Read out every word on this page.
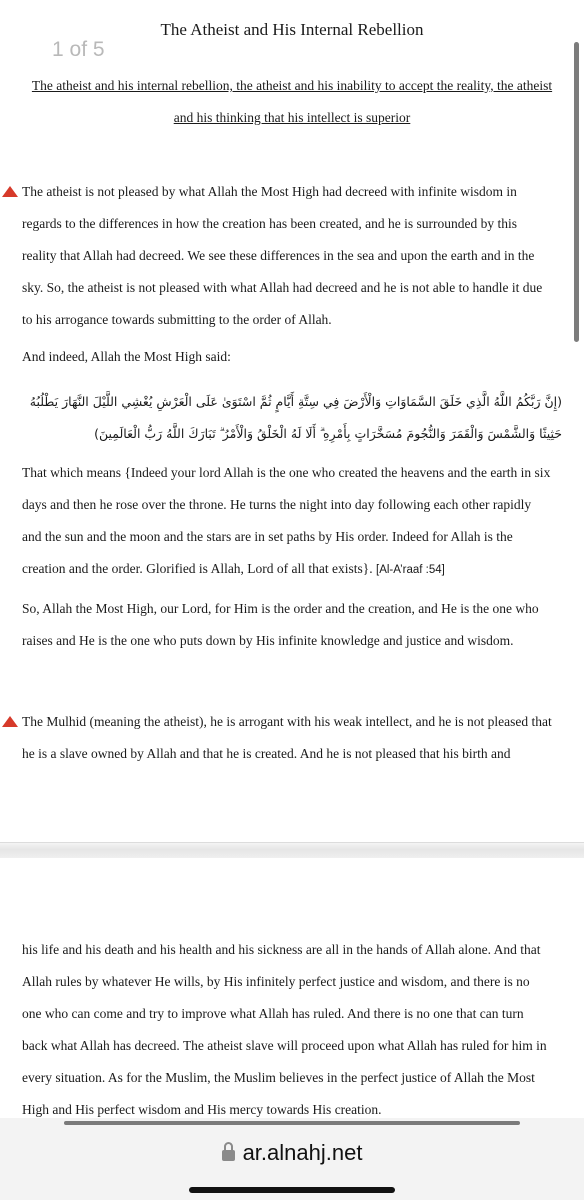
The Atheist and His Internal Rebellion
The atheist and his internal rebellion, the atheist and his inability to accept the reality, the atheist and his thinking that his intellect is superior

The atheist is not pleased by what Allah the Most High had decreed with infinite wisdom in regards to the differences in how the creation has been created, and he is surrounded by this reality that Allah had decreed. We see these differences in the sea and upon the earth and in the sky. So, the atheist is not pleased with what Allah had decreed and he is not able to handle it due to his arrogance towards submitting to the order of Allah.

And indeed, Allah the Most High said:

(إِنَّ رَبَّكُمُ اللَّهُ الَّذِي خَلَقَ السَّمَاوَاتِ وَالْأَرْضَ فِي سِتَّةِ أَيَّامٍ ثُمَّ اسْتَوَىٰ عَلَى الْعَرْشِ يُغْشِي اللَّيْلَ النَّهَارَ يَطْلُبُهُ حَثِيثًا وَالشَّمْسَ وَالْقَمَرَ وَالنُّجُومَ مُسَخَّرَاتٍ بِأَمْرِهِ ۗ أَلَا لَهُ الْخَلْقُ وَالْأَمْرُ ۗ تَبَارَكَ اللَّهُ رَبُّ الْعَالَمِينَ)

That which means {Indeed your lord Allah is the one who created the heavens and the earth in six days and then he rose over the throne. He turns the night into day following each other rapidly and the sun and the moon and the stars are in set paths by His order. Indeed for Allah is the creation and the order. Glorified is Allah, Lord of all that exists}. [Al-A’raaf :54]

So, Allah the Most High, our Lord, for Him is the order and the creation, and He is the one who raises and He is the one who puts down by His infinite knowledge and justice and wisdom.

The Mulhid (meaning the atheist), he is arrogant with his weak intellect, and he is not pleased that he is a slave owned by Allah and that he is created. And he is not pleased that his birth and

1 of 5

his life and his death and his health and his sickness are all in the hands of Allah alone. And that Allah rules by whatever He wills, by His infinitely perfect justice and wisdom, and there is no one who can come and try to improve what Allah has ruled. And there is no one that can turn back what Allah has decreed. The atheist slave will proceed upon what Allah has ruled for him in every situation. As for the Muslim, the Muslim believes in the perfect justice of Allah the Most High and His perfect wisdom and His mercy towards His creation.

ar.alnahj.net
